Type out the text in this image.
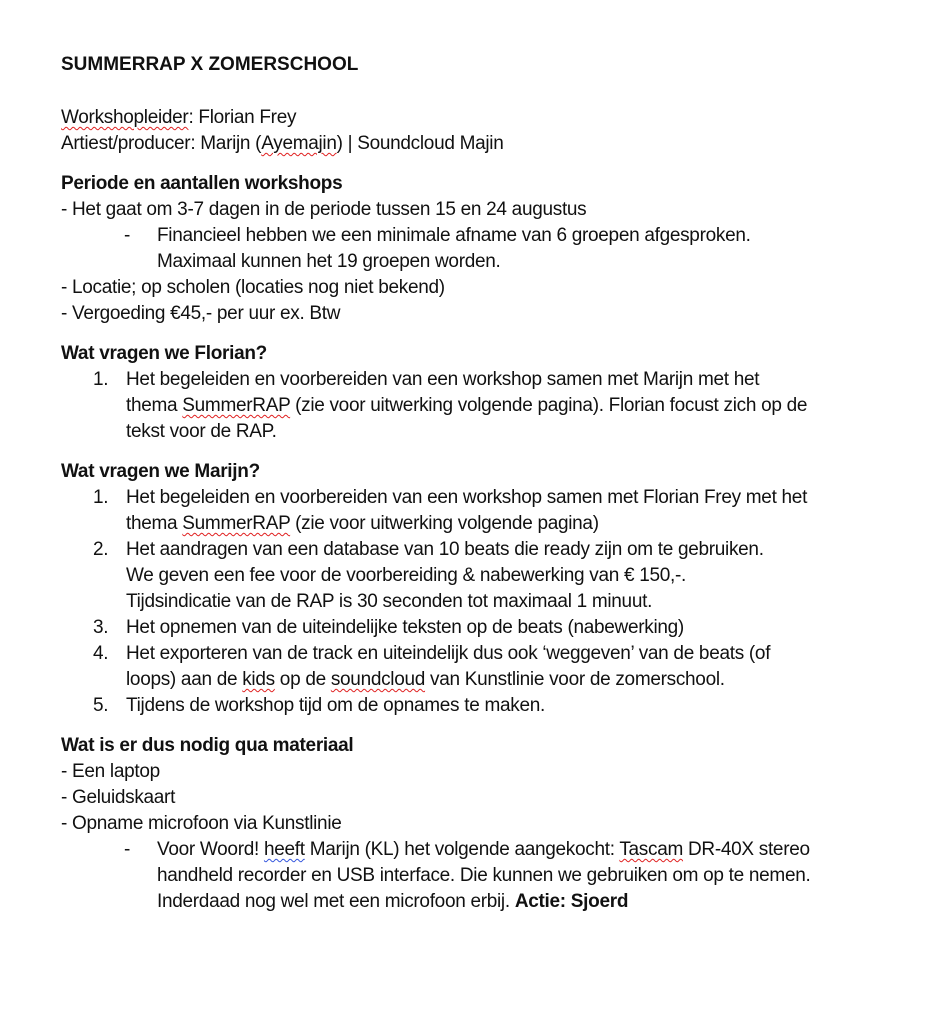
SUMMERRAP X ZOMERSCHOOL
Workshopleider: Florian Frey
Artiest/producer: Marijn (Ayemajin) | Soundcloud Majin
Periode en aantallen workshops
- Het gaat om 3-7 dagen in de periode tussen 15 en 24 augustus
- Financieel hebben we een minimale afname van 6 groepen afgesproken.
Maximaal kunnen het 19 groepen worden.
- Locatie; op scholen (locaties nog niet bekend)
- Vergoeding €45,- per uur ex. Btw
Wat vragen we Florian?
1. Het begeleiden en voorbereiden van een workshop samen met Marijn met het
thema SummerRAP (zie voor uitwerking volgende pagina). Florian focust zich op de
tekst voor de RAP.
Wat vragen we Marijn?
1. Het begeleiden en voorbereiden van een workshop samen met Florian Frey met het
thema SummerRAP (zie voor uitwerking volgende pagina)
2. Het aandragen van een database van 10 beats die ready zijn om te gebruiken.
We geven een fee voor de voorbereiding & nabewerking van € 150,-.
Tijdsindicatie van de RAP is 30 seconden tot maximaal 1 minuut.
3. Het opnemen van de uiteindelijke teksten op de beats (nabewerking)
4. Het exporteren van de track en uiteindelijk dus ook ‘weggeven’ van de beats (of
loops) aan de kids op de soundcloud van Kunstlinie voor de zomerschool.
5. Tijdens de workshop tijd om de opnames te maken.
Wat is er dus nodig qua materiaal
- Een laptop
- Geluidskaart
- Opname microfoon via Kunstlinie
- Voor Woord! heeft Marijn (KL) het volgende aangekocht: Tascam DR-40X stereo
handheld recorder en USB interface. Die kunnen we gebruiken om op te nemen.
Inderdaad nog wel met een microfoon erbij. Actie: Sjoerd
